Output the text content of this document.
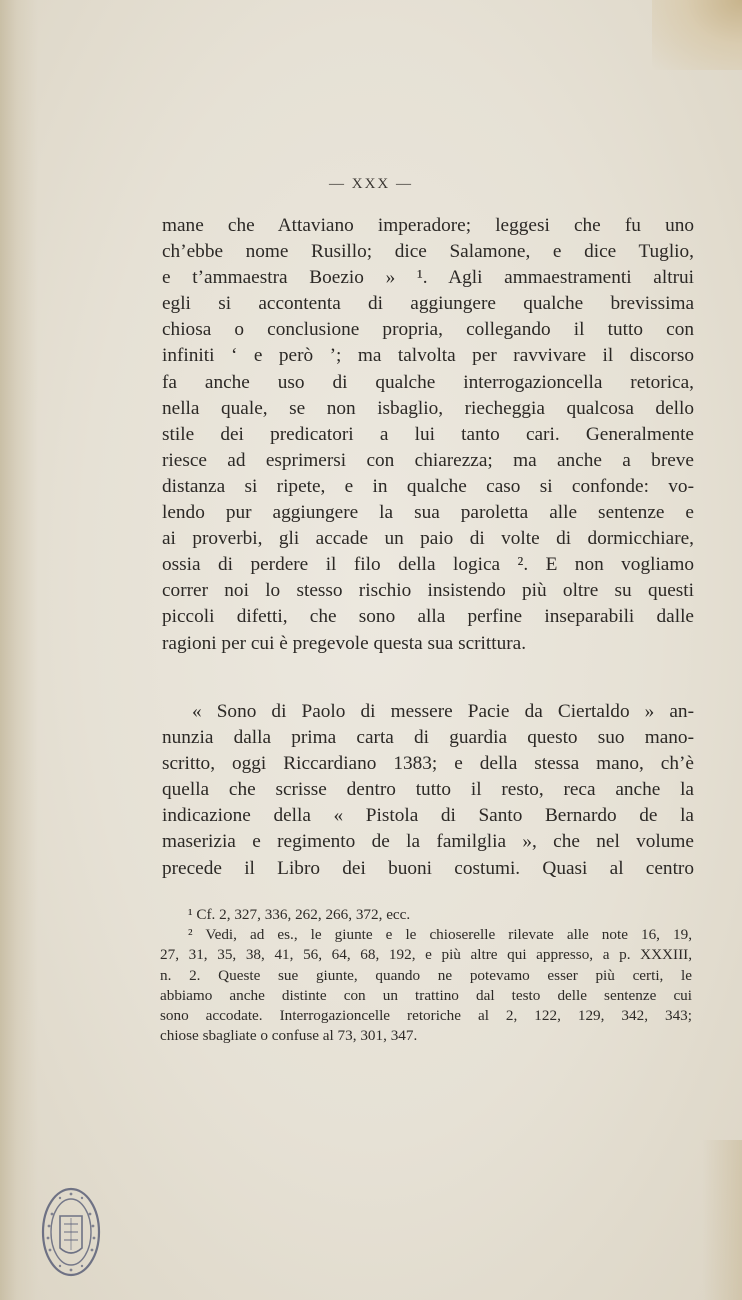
— XXX —
mane che Attaviano imperadore; leggesi che fu uno
ch’ebbe nome Rusillo; dice Salamone, e dice Tuglio,
e t’ammaestra Boezio » ¹. Agli ammaestramenti altrui
egli si accontenta di aggiungere qualche brevissima
chiosa o conclusione propria, collegando il tutto con
infiniti ‘ e però ’; ma talvolta per ravvivare il discorso
fa anche uso di qualche interrogazioncella retorica,
nella quale, se non isbaglio, riecheggia qualcosa dello
stile dei predicatori a lui tanto cari. Generalmente
riesce ad esprimersi con chiarezza; ma anche a breve
distanza si ripete, e in qualche caso si confonde: vo-
lendo pur aggiungere la sua paroletta alle sentenze e
ai proverbi, gli accade un paio di volte di dormicchiare,
ossia di perdere il filo della logica ². E non vogliamo
correr noi lo stesso rischio insistendo più oltre su questi
piccoli difetti, che sono alla perfine inseparabili dalle
ragioni per cui è pregevole questa sua scrittura.
« Sono di Paolo di messere Pacie da Ciertaldo » an-
nunzia dalla prima carta di guardia questo suo mano-
scritto, oggi Riccardiano 1383; e della stessa mano, ch’è
quella che scrisse dentro tutto il resto, reca anche la
indicazione della « Pistola di Santo Bernardo de la
maserizia e regimento de la familglia », che nel volume
precede il Libro dei buoni costumi. Quasi al centro
¹ Cf. 2, 327, 336, 262, 266, 372, ecc.
² Vedi, ad es., le giunte e le chioserelle rilevate alle note 16, 19,
27, 31, 35, 38, 41, 56, 64, 68, 192, e più altre qui appresso, a p. XXXIII,
n. 2. Queste sue giunte, quando ne potevamo esser più certi, le
abbiamo anche distinte con un trattino dal testo delle sentenze cui
sono accodate. Interrogazioncelle retoriche al 2, 122, 129, 342, 343;
chiose sbagliate o confuse al 73, 301, 347.
